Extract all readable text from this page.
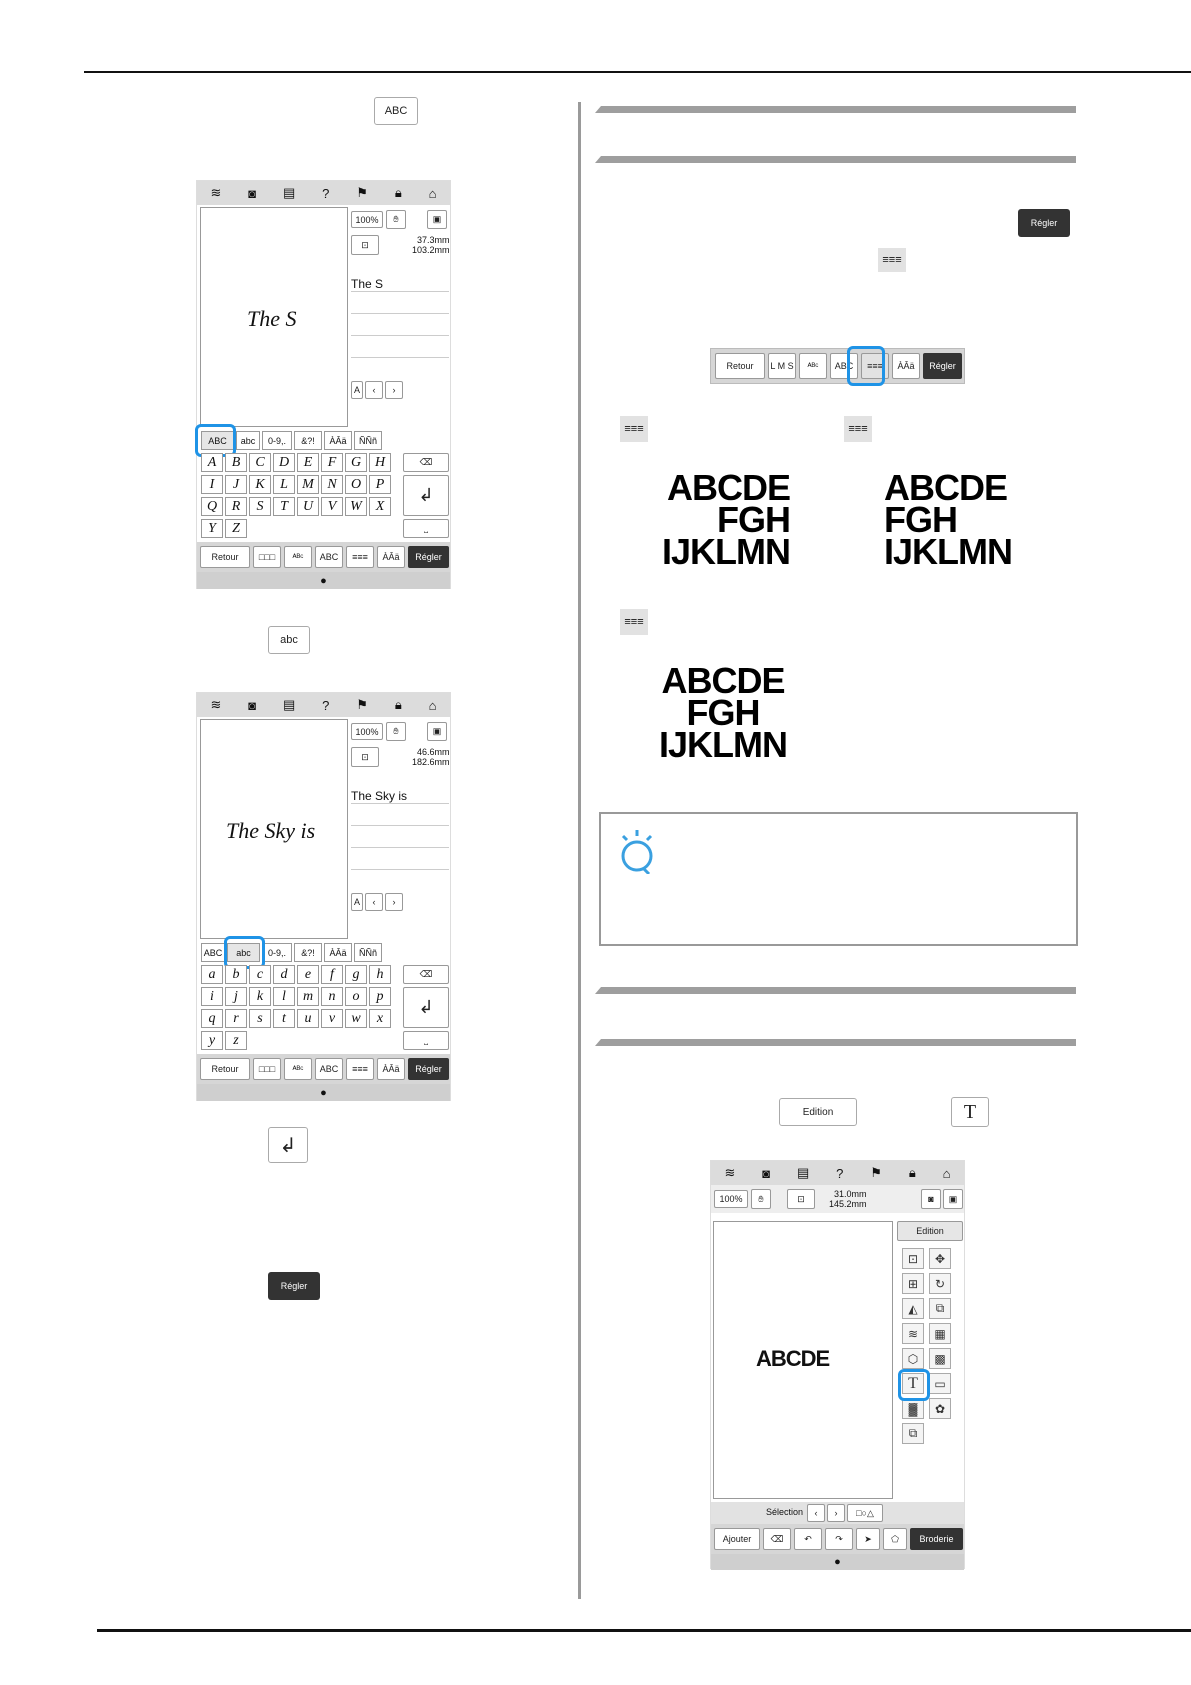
ABC
≋ ◙ ▤ ? ⚑ 🔒︎ ⌂
The S
100%	✋︎	▣
⊡	37.3mm
103.2mm
The S
A	‹	›
ABC	abc	0-9,.	&?!	ÀÂä	ÑÑñ
A	B	C	D	E	F	G H
I	J	K	L	M N	O	P
Q	R	S	T	U	V W X
Y	Z
⌫
↲
⎵
Retour	□□□	ᴬᴮᶜ	ABC	≡≡≡	ÀÂä	Régler
●
abc
≋ ◙ ▤ ? ⚑ 🔒︎ ⌂
The Sky is
100%	✋︎	▣
⊡	46.6mm
182.6mm
The Sky is
A	‹	›
ABC	abc	0-9,.	&?!	ÀÂä	ÑÑñ
a	b	c	d	e	f	g	h
i	j	k	l	m	n	o	p
q	r	s	t	u	v	w	x
y	z
⌫
↲
⎵
Retour	□□□	ᴬᴮᶜ	ABC	≡≡≡	ÀÂä	Régler
●
↲
Régler
Régler
≡≡≡
Retour	L M S	ᴬᴮᶜ	ABC	≡≡≡	ÀÂä	Régler
≡≡≡	≡≡≡
≡≡≡
ABCDE
FGH
IJKLMN
ABCDE
FGH
IJKLMN
ABCDE
FGH
IJKLMN
Edition	T
≋ ◙ ▤ ? ⚑ 🔒︎ ⌂
100%	✋︎	⊡	31.0mm
145.2mm	◙	▣
ABCDE
Edition
⊡	✥
⊞	↻
◭	⧉
≋	▦
⬡	▩
T	▭
▓	✿
⧉
Sélection	‹	›	□○△
Ajouter	⌫	↶	↷	➤	⬠	Broderie
●
